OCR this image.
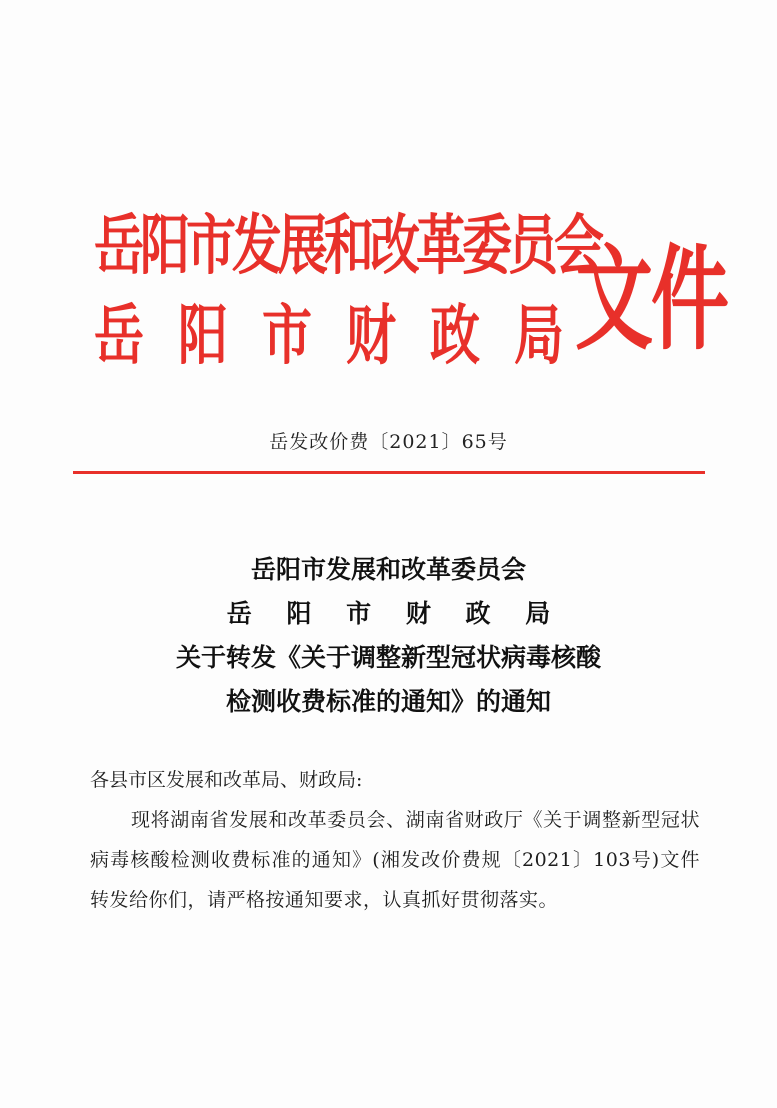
岳阳市发展和改革委员会
岳 阳 市 财 政 局 文件
岳发改价费〔2021〕65号
岳阳市发展和改革委员会
岳 阳 市 财 政 局
关于转发《关于调整新型冠状病毒核酸
检测收费标准的通知》的通知
各县市区发展和改革局、财政局:
现将湖南省发展和改革委员会、湖南省财政厅《关于调整新型冠状病毒核酸检测收费标准的通知》(湘发改价费规〔2021〕103号)文件转发给你们，请严格按通知要求，认真抓好贯彻落实。
